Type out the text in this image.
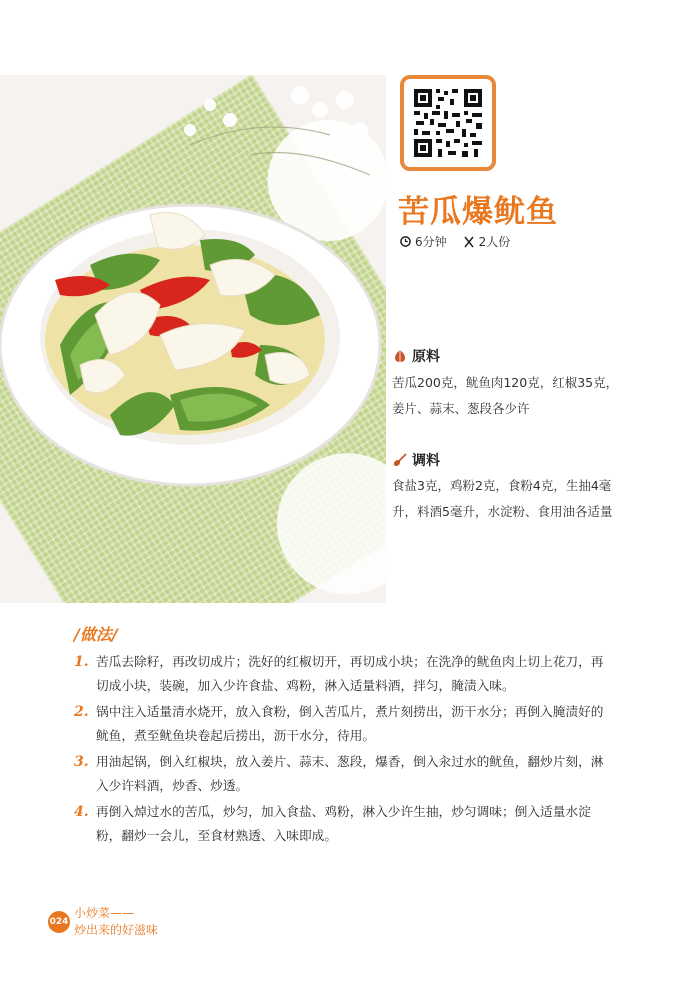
苦瓜爆鱿鱼
6分钟	2人份
原料
苦瓜200克，鱿鱼肉120克，红椒35克，姜片、蒜末、葱段各少许
调料
食盐3克，鸡粉2克，食粉4克，生抽4毫升，料酒5毫升，水淀粉、食用油各适量
/做法/
1. 苦瓜去除籽，再改切成片；洗好的红椒切开，再切成小块；在洗净的鱿鱼肉上切上花刀，再切成小块，装碗，加入少许食盐、鸡粉，淋入适量料酒，拌匀，腌渍入味。
2. 锅中注入适量清水烧开，放入食粉，倒入苦瓜片，煮片刻捞出，沥干水分；再倒入腌渍好的鱿鱼，煮至鱿鱼块卷起后捞出，沥干水分，待用。
3. 用油起锅，倒入红椒块，放入姜片、蒜末、葱段，爆香，倒入汆过水的鱿鱼，翻炒片刻，淋入少许料酒，炒香、炒透。
4. 再倒入焯过水的苦瓜，炒匀，加入食盐、鸡粉，淋入少许生抽，炒匀调味；倒入适量水淀粉，翻炒一会儿，至食材熟透、入味即成。
024
小炒菜——
炒出来的好滋味
